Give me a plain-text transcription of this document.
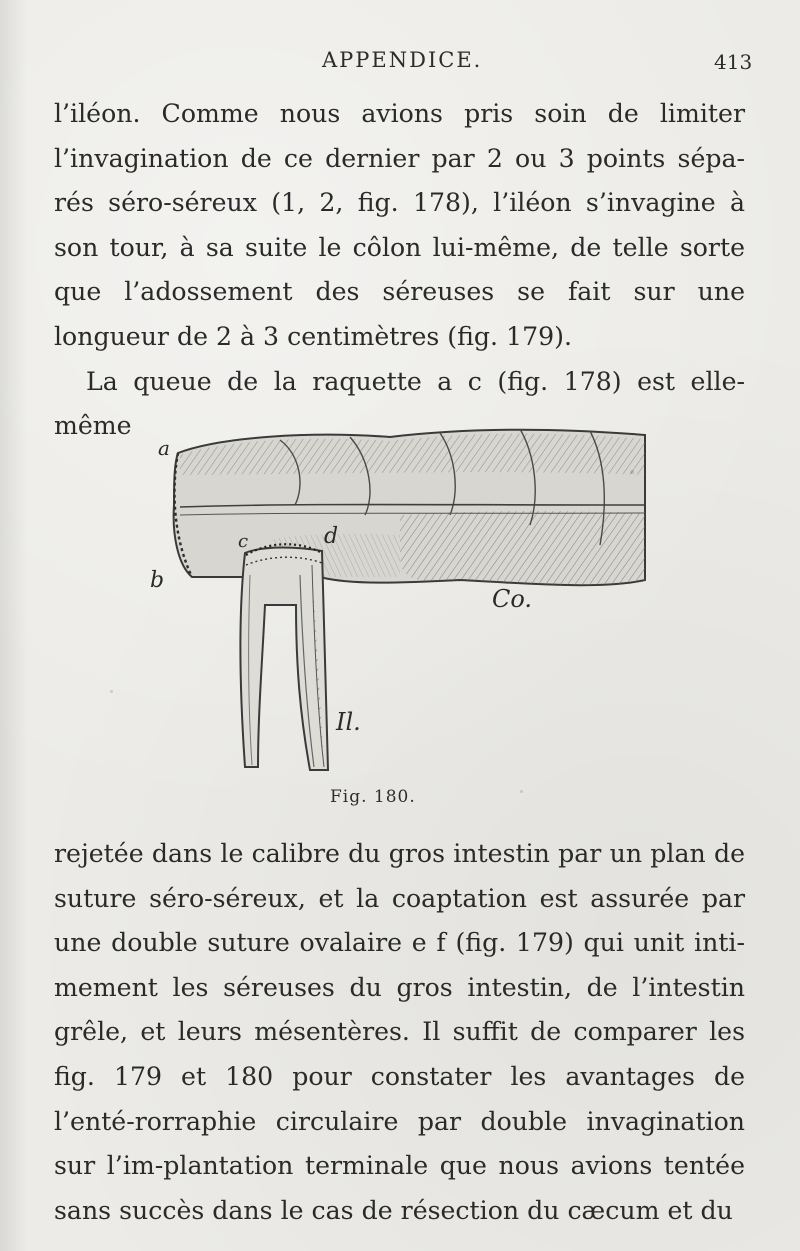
APPENDICE.	413

l’iléon. Comme nous avions pris soin de limiter l’invagination de ce dernier par 2 ou 3 points sépa-rés séro-séreux (1, 2, fig. 178), l’iléon s’invagine à son tour, à sa suite le côlon lui-même, de telle sorte que l’adossement des séreuses se fait sur une longueur de 2 à 3 centimètres (fig. 179).

La queue de la raquette a c (fig. 178) est elle-même

a
b
c	d
Co.
Il.
Fig. 180.

rejetée dans le calibre du gros intestin par un plan de suture séro-séreux, et la coaptation est assurée par une double suture ovalaire e f (fig. 179) qui unit inti-mement les séreuses du gros intestin, de l’intestin grêle, et leurs mésentères. Il suffit de comparer les fig. 179 et 180 pour constater les avantages de l’enté-rorraphie circulaire par double invagination sur l’im-plantation terminale que nous avions tentée sans succès dans le cas de résection du cæcum et du
